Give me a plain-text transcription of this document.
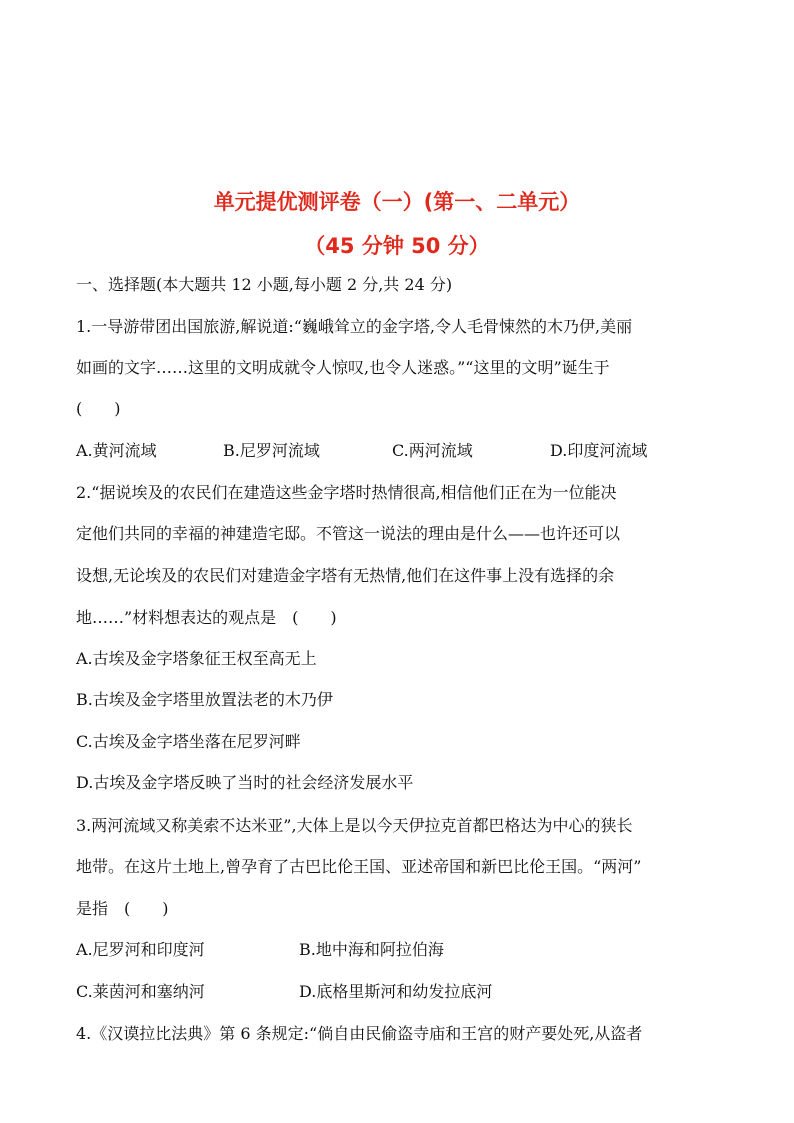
单元提优测评卷（一）(第一、二单元）
（45 分钟 50 分）
一、选择题(本大题共 12 小题,每小题 2 分,共 24 分)
1.一导游带团出国旅游,解说道:“巍峨耸立的金字塔,令人毛骨悚然的木乃伊,美丽
如画的文字……这里的文明成就令人惊叹,也令人迷惑。”“这里的文明”诞生于
(　　)
A.黄河流域	B.尼罗河流域	C.两河流域	D.印度河流域
2.“据说埃及的农民们在建造这些金字塔时热情很高,相信他们正在为一位能决
定他们共同的幸福的神建造宅邸。不管这一说法的理由是什么——也许还可以
设想,无论埃及的农民们对建造金字塔有无热情,他们在这件事上没有选择的余
地……”材料想表达的观点是　(　　)
A.古埃及金字塔象征王权至高无上
B.古埃及金字塔里放置法老的木乃伊
C.古埃及金字塔坐落在尼罗河畔
D.古埃及金字塔反映了当时的社会经济发展水平
3.两河流域又称美索不达米亚”,大体上是以今天伊拉克首都巴格达为中心的狭长
地带。在这片土地上,曾孕育了古巴比伦王国、亚述帝国和新巴比伦王国。“两河”
是指　(　　)
A.尼罗河和印度河	B.地中海和阿拉伯海
C.莱茵河和塞纳河	D.底格里斯河和幼发拉底河
4.《汉谟拉比法典》第 6 条规定:“倘自由民偷盗寺庙和王宫的财产要处死,从盗者
